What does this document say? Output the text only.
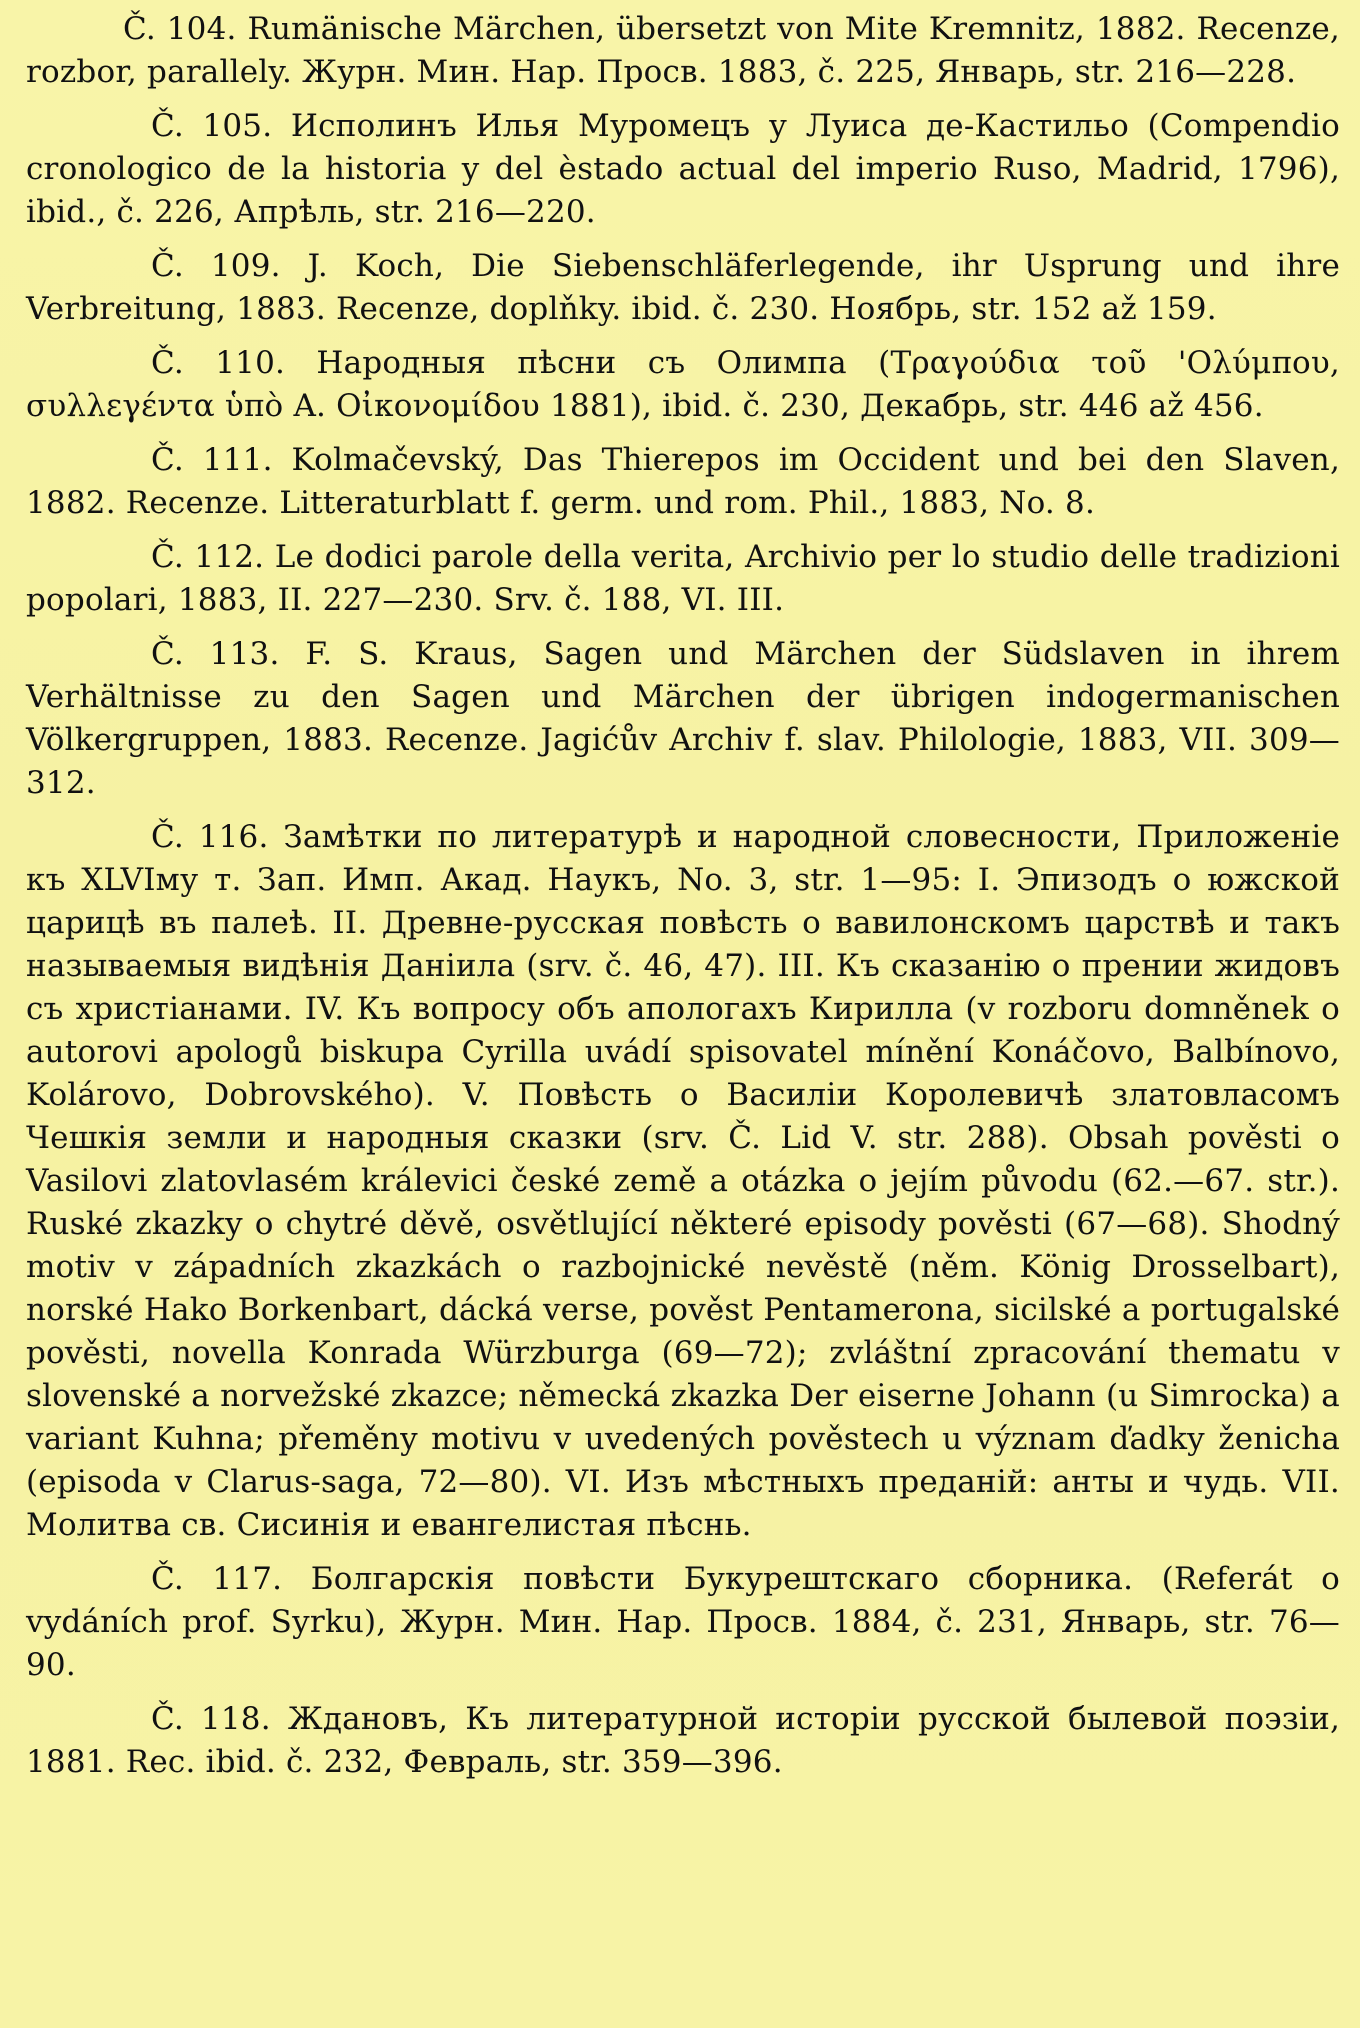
Č. 104. Rumänische Märchen, übersetzt von Mite Kremnitz, 1882. Recenze, rozbor, parallely. Журн. Мин. Нар. Просв. 1883, č. 225, Январь, str. 216—228.

Č. 105. Исполинъ Илья Муромецъ у Луиса де-Кастильо (Compendio cronologico de la historia y del èstado actual del imperio Ruso, Madrid, 1796), ibid., č. 226, Апрѣль, str. 216—220.

Č. 109. J. Koch, Die Siebenschläferlegende, ihr Usprung und ihre Verbreitung, 1883. Recenze, doplňky. ibid. č. 230. Ноябрь, str. 152 až 159.

Č. 110. Народныя пѣсни съ Олимпа (Τραγούδια τοῦ 'Ολύμπου, συλλεγέντα ὑπὸ Α. Οἰκονομίδου 1881), ibid. č. 230, Декабрь, str. 446 až 456.

Č. 111. Kolmačevský, Das Thierepos im Occident und bei den Slaven, 1882. Recenze. Litteraturblatt f. germ. und rom. Phil., 1883, No. 8.

Č. 112. Le dodici parole della verita, Archivio per lo studio delle tradizioni popolari, 1883, II. 227—230. Srv. č. 188, VI. III.

Č. 113. F. S. Kraus, Sagen und Märchen der Südslaven in ihrem Verhältnisse zu den Sagen und Märchen der übrigen indogermanischen Völkergruppen, 1883. Recenze. Jagićův Archiv f. slav. Philologie, 1883, VII. 309—312.

Č. 116. Замѣтки по литературѣ и народной словесности, Приложеніе къ XLVIму т. Зап. Имп. Акад. Наукъ, No. 3, str. 1—95: I. Эпизодъ о южской царицѣ въ палеѣ. II. Древне-русская повѣсть о вавилонскомъ царствѣ и такъ называемыя видѣнія Даніила (srv. č. 46, 47). III. Къ сказанію о прении жидовъ съ христіанами. IV. Къ вопросу объ апологахъ Кирилла (v rozboru domněnek o autorovi apologů biskupa Cyrilla uvádí spisovatel mínění Konáčovo, Balbínovo, Kolárovo, Dobrovského). V. Повѣсть о Василіи Королевичѣ златовласомъ Чешкія земли и народныя сказки (srv. Č. Lid V. str. 288). Obsah pověsti o Vasilovi zlatovlasém králevici české země a otázka o jejím původu (62.—67. str.). Ruské zkazky o chytré děvě, osvětlující některé episody pověsti (67—68). Shodný motiv v západních zkazkách o razbojnické nevěstě (něm. König Drosselbart), norské Hako Borkenbart, dácká verse, pověst Pentamerona, sicilské a portugalské pověsti, novella Konrada Würzburga (69—72); zvláštní zpracování thematu v slovenské a norvežské zkazce; německá zkazka Der eiserne Johann (u Simrocka) a variant Kuhna; přeměny motivu v uvedených pověstech u význam ďadky ženicha (episoda v Clarus-saga, 72—80). VI. Изъ мѣстныхъ преданій: анты и чудь. VII. Молитва св. Сисинія и евангелистая пѣснь.

Č. 117. Болгарскія повѣсти Букурештскаго сборника. (Referát o vydáních prof. Syrku), Журн. Мин. Нар. Просв. 1884, č. 231, Январь, str. 76—90.

Č. 118. Ждановъ, Къ литературной исторіи русской былевой поэзіи, 1881. Rec. ibid. č. 232, Февраль, str. 359—396.
